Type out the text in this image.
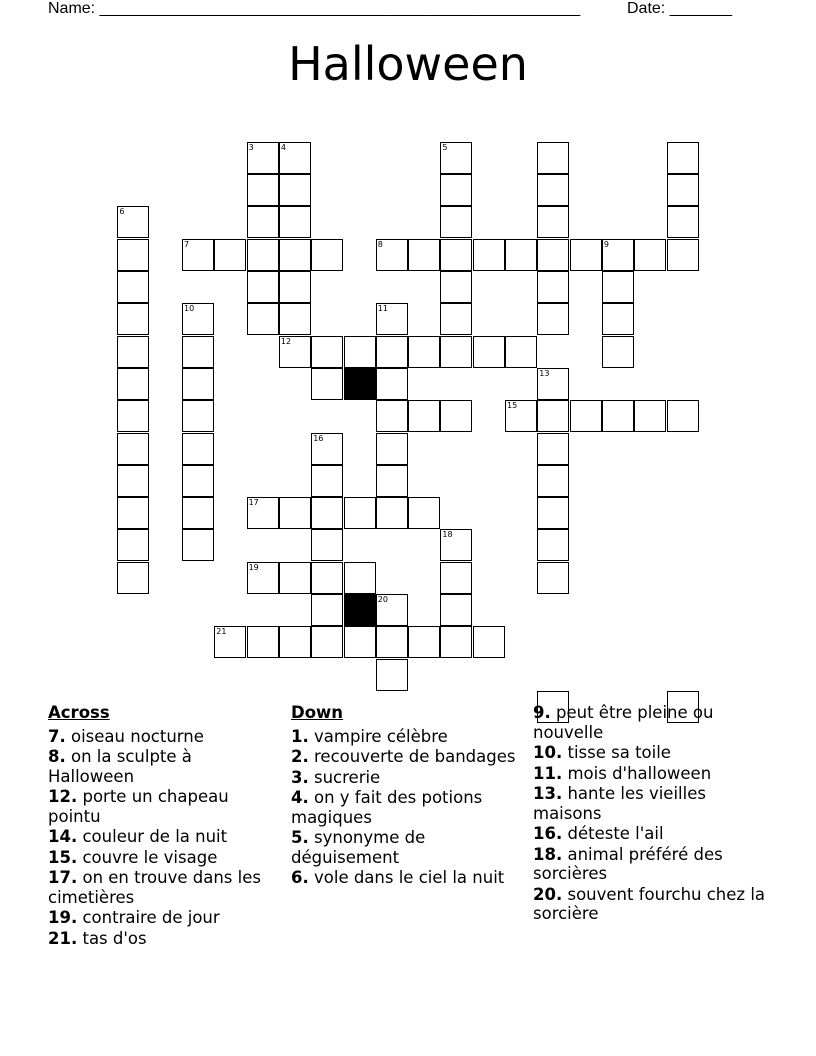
Name: ______________________________________________________	Date: _______
Halloween
3	4	5
6
7	8	9
10	11
12
13
15
16
17
18
19
20
21
Across
7. oiseau nocturne
8. on la sculpte à Halloween
12. porte un chapeau pointu
14. couleur de la nuit
15. couvre le visage
17. on en trouve dans les cimetières
19. contraire de jour
21. tas d'os
Down
1. vampire célèbre
2. recouverte de bandages
3. sucrerie
4. on y fait des potions magiques
5. synonyme de déguisement
6. vole dans le ciel la nuit
9. peut être pleine ou nouvelle
10. tisse sa toile
11. mois d'halloween
13. hante les vieilles maisons
16. déteste l'ail
18. animal préféré des sorcières
20. souvent fourchu chez la sorcière
